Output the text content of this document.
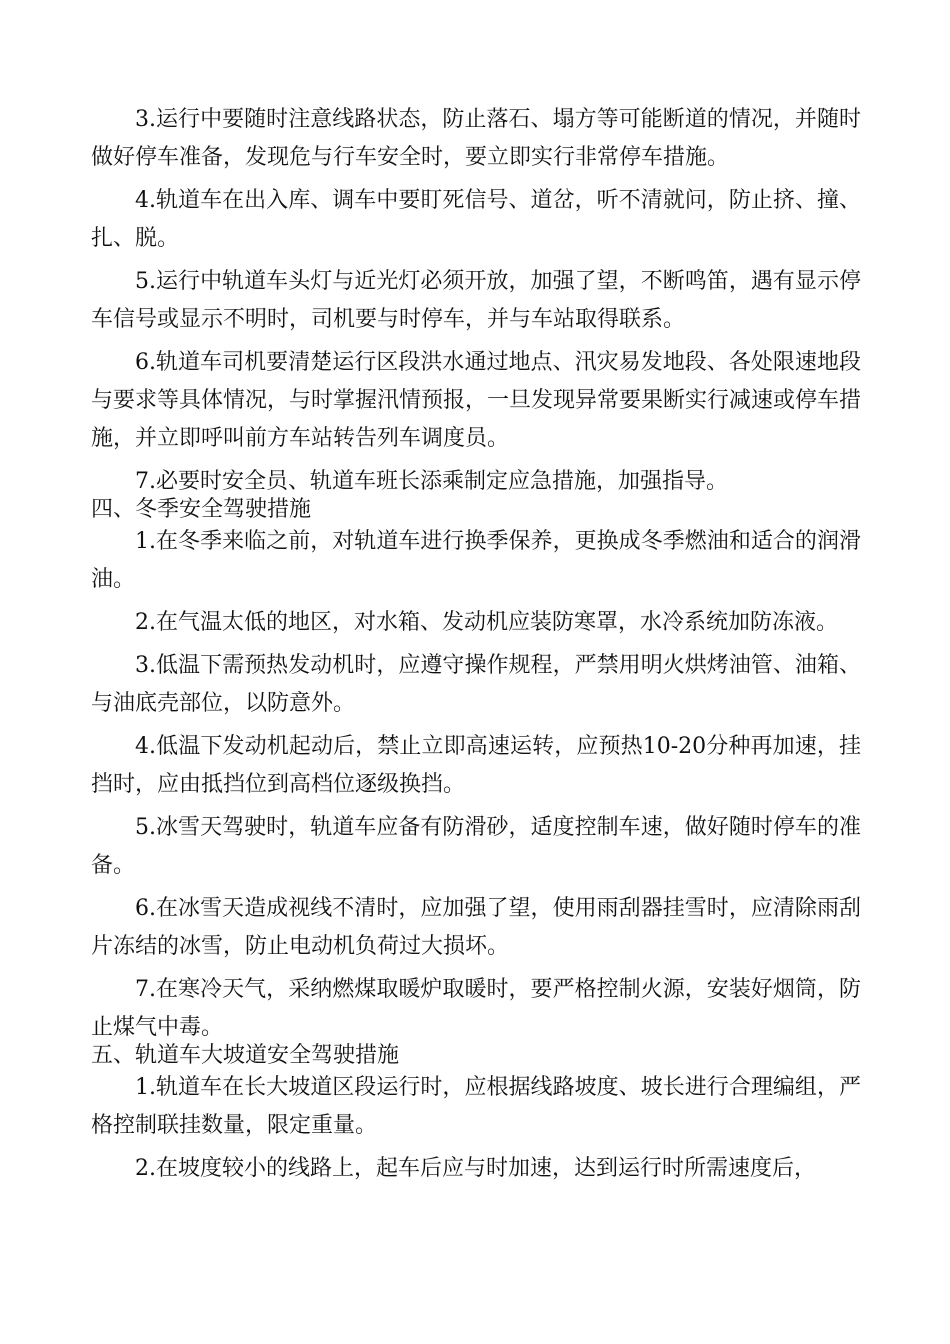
3.运行中要随时注意线路状态，防止落石、塌方等可能断道的情况，并随时做好停车准备，发现危与行车安全时，要立即实行非常停车措施。

4.轨道车在出入库、调车中要盯死信号、道岔，听不清就问，防止挤、撞、扎、脱。

5.运行中轨道车头灯与近光灯必须开放，加强了望，不断鸣笛，遇有显示停车信号或显示不明时，司机要与时停车，并与车站取得联系。

6.轨道车司机要清楚运行区段洪水通过地点、汛灾易发地段、各处限速地段与要求等具体情况，与时掌握汛情预报，一旦发现异常要果断实行减速或停车措施，并立即呼叫前方车站转告列车调度员。

7.必要时安全员、轨道车班长添乘制定应急措施，加强指导。

四、冬季安全驾驶措施

1.在冬季来临之前，对轨道车进行换季保养，更换成冬季燃油和适合的润滑油。

2.在气温太低的地区，对水箱、发动机应装防寒罩，水冷系统加防冻液。

3.低温下需预热发动机时，应遵守操作规程，严禁用明火烘烤油管、油箱、与油底壳部位，以防意外。

4.低温下发动机起动后，禁止立即高速运转，应预热10-20分种再加速，挂挡时，应由抵挡位到高档位逐级换挡。

5.冰雪天驾驶时，轨道车应备有防滑砂，适度控制车速，做好随时停车的准备。

6.在冰雪天造成视线不清时，应加强了望，使用雨刮器挂雪时，应清除雨刮片冻结的冰雪，防止电动机负荷过大损坏。

7.在寒冷天气，采纳燃煤取暖炉取暖时，要严格控制火源，安装好烟筒，防止煤气中毒。

五、轨道车大坡道安全驾驶措施

1.轨道车在长大坡道区段运行时，应根据线路坡度、坡长进行合理编组，严格控制联挂数量，限定重量。

2.在坡度较小的线路上，起车后应与时加速，达到运行时所需速度后，
